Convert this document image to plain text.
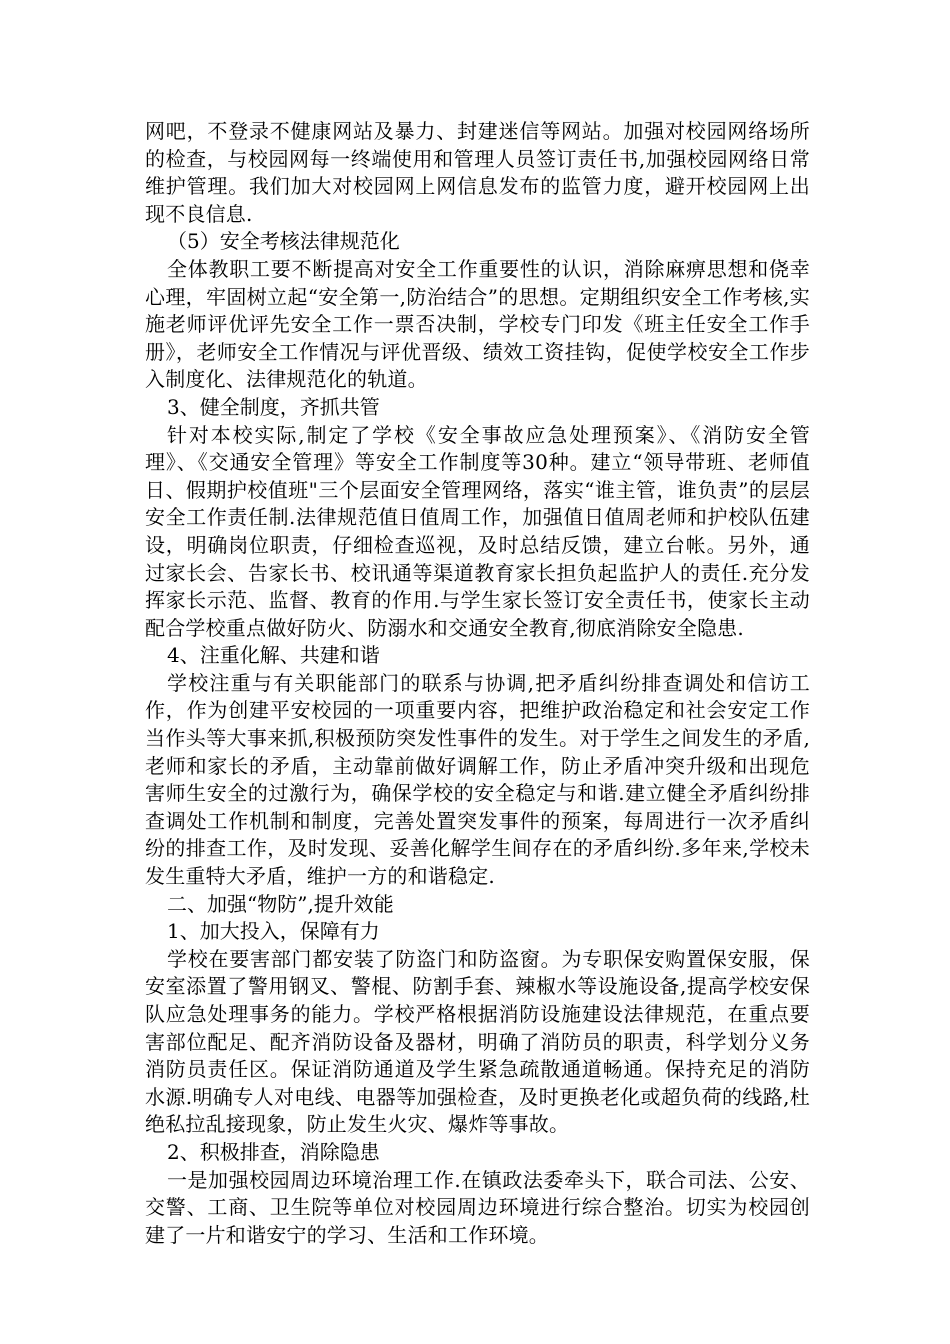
网吧，不登录不健康网站及暴力、封建迷信等网站。加强对校园网络场所的检查，与校园网每一终端使用和管理人员签订责任书,加强校园网络日常维护管理。我们加大对校园网上网信息发布的监管力度，避开校园网上出现不良信息.

（5）安全考核法律规范化

全体教职工要不断提高对安全工作重要性的认识，消除麻痹思想和侥幸心理，牢固树立起“安全第一,防治结合”的思想。定期组织安全工作考核,实施老师评优评先安全工作一票否决制，学校专门印发《班主任安全工作手册》，老师安全工作情况与评优晋级、绩效工资挂钩，促使学校安全工作步入制度化、法律规范化的轨道。

3、健全制度，齐抓共管

针对本校实际,制定了学校《安全事故应急处理预案》、《消防安全管理》、《交通安全管理》等安全工作制度等30种。建立“领导带班、老师值日、假期护校值班"三个层面安全管理网络，落实“谁主管，谁负责”的层层安全工作责任制.法律规范值日值周工作，加强值日值周老师和护校队伍建设，明确岗位职责，仔细检查巡视，及时总结反馈，建立台帐。另外，通过家长会、告家长书、校讯通等渠道教育家长担负起监护人的责任.充分发挥家长示范、监督、教育的作用.与学生家长签订安全责任书，使家长主动配合学校重点做好防火、防溺水和交通安全教育,彻底消除安全隐患.

4、注重化解、共建和谐

学校注重与有关职能部门的联系与协调,把矛盾纠纷排查调处和信访工作，作为创建平安校园的一项重要内容，把维护政治稳定和社会安定工作当作头等大事来抓,积极预防突发性事件的发生。对于学生之间发生的矛盾,老师和家长的矛盾，主动靠前做好调解工作，防止矛盾冲突升级和出现危害师生安全的过激行为，确保学校的安全稳定与和谐.建立健全矛盾纠纷排查调处工作机制和制度，完善处置突发事件的预案，每周进行一次矛盾纠纷的排查工作，及时发现、妥善化解学生间存在的矛盾纠纷.多年来,学校未发生重特大矛盾，维护一方的和谐稳定.

二、加强“物防”,提升效能

1、加大投入，保障有力

学校在要害部门都安装了防盗门和防盗窗。为专职保安购置保安服，保安室添置了警用钢叉、警棍、防割手套、辣椒水等设施设备,提高学校安保队应急处理事务的能力。学校严格根据消防设施建设法律规范，在重点要害部位配足、配齐消防设备及器材，明确了消防员的职责，科学划分义务消防员责任区。保证消防通道及学生紧急疏散通道畅通。保持充足的消防水源.明确专人对电线、电器等加强检查，及时更换老化或超负荷的线路,杜绝私拉乱接现象，防止发生火灾、爆炸等事故。

2、积极排查，消除隐患

一是加强校园周边环境治理工作.在镇政法委牵头下，联合司法、公安、交警、工商、卫生院等单位对校园周边环境进行综合整治。切实为校园创建了一片和谐安宁的学习、生活和工作环境。
